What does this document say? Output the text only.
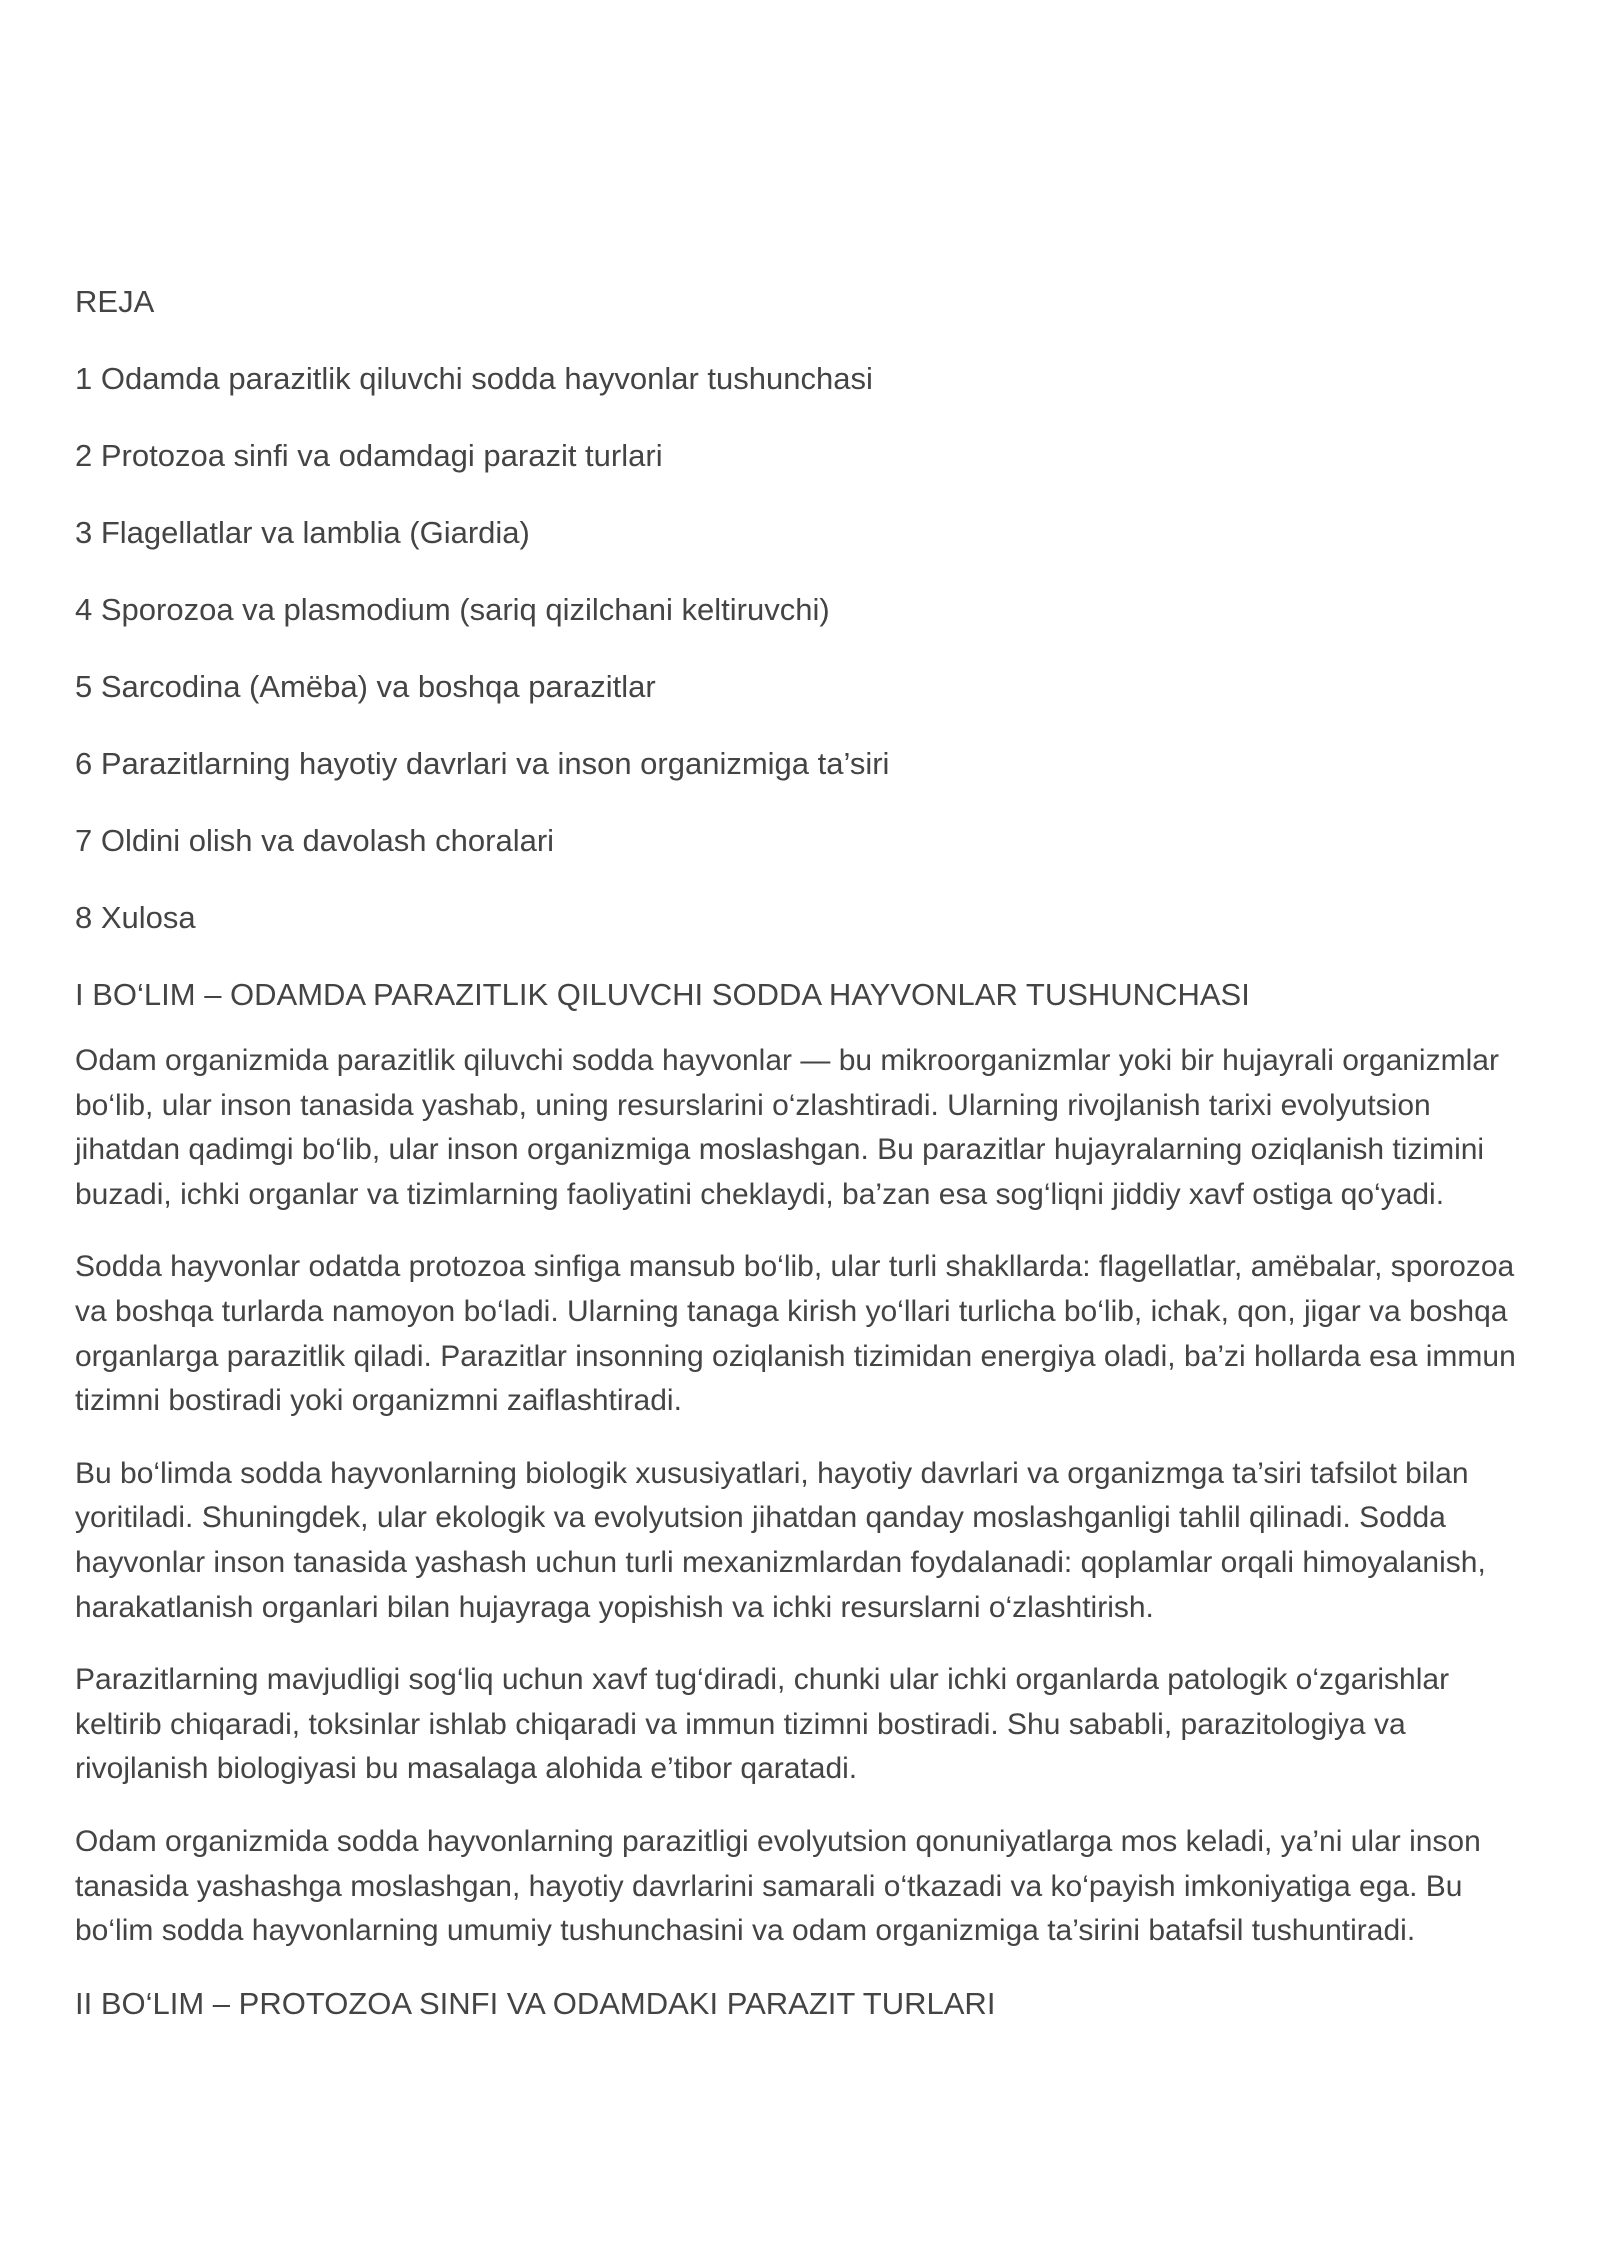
REJA
1 Odamda parazitlik qiluvchi sodda hayvonlar tushunchasi
2 Protozoa sinfi va odamdagi parazit turlari
3 Flagellatlar va lamblia (Giardia)
4 Sporozoa va plasmodium (sariq qizilchani keltiruvchi)
5 Sarcodina (Amëba) va boshqa parazitlar
6 Parazitlarning hayotiy davrlari va inson organizmiga ta’siri
7 Oldini olish va davolash choralari
8 Xulosa
I BO‘LIM – ODAMDA PARAZITLIK QILUVCHI SODDA HAYVONLAR TUSHUNCHASI

Odam organizmida parazitlik qiluvchi sodda hayvonlar — bu mikroorganizmlar yoki bir hujayrali organizmlar bo‘lib, ular inson tanasida yashab, uning resurslarini o‘zlashtiradi. Ularning rivojlanish tarixi evolyutsion jihatdan qadimgi bo‘lib, ular inson organizmiga moslashgan. Bu parazitlar hujayralarning oziqlanish tizimini buzadi, ichki organlar va tizimlarning faoliyatini cheklaydi, ba’zan esa sog‘liqni jiddiy xavf ostiga qo‘yadi.

Sodda hayvonlar odatda protozoa sinfiga mansub bo‘lib, ular turli shakllarda: flagellatlar, amëbalar, sporozoa va boshqa turlarda namoyon bo‘ladi. Ularning tanaga kirish yo‘llari turlicha bo‘lib, ichak, qon, jigar va boshqa organlarga parazitlik qiladi. Parazitlar insonning oziqlanish tizimidan energiya oladi, ba’zi hollarda esa immun tizimni bostiradi yoki organizmni zaiflashtiradi.

Bu bo‘limda sodda hayvonlarning biologik xususiyatlari, hayotiy davrlari va organizmga ta’siri tafsilot bilan yoritiladi. Shuningdek, ular ekologik va evolyutsion jihatdan qanday moslashganligi tahlil qilinadi. Sodda hayvonlar inson tanasida yashash uchun turli mexanizmlardan foydalanadi: qoplamlar orqali himoyalanish, harakatlanish organlari bilan hujayraga yopishish va ichki resurslarni o‘zlashtirish.

Parazitlarning mavjudligi sog‘liq uchun xavf tug‘diradi, chunki ular ichki organlarda patologik o‘zgarishlar keltirib chiqaradi, toksinlar ishlab chiqaradi va immun tizimni bostiradi. Shu sababli, parazitologiya va rivojlanish biologiyasi bu masalaga alohida e’tibor qaratadi.

Odam organizmida sodda hayvonlarning parazitligi evolyutsion qonuniyatlarga mos keladi, ya’ni ular inson tanasida yashashga moslashgan, hayotiy davrlarini samarali o‘tkazadi va ko‘payish imkoniyatiga ega. Bu bo‘lim sodda hayvonlarning umumiy tushunchasini va odam organizmiga ta’sirini batafsil tushuntiradi.

II BO‘LIM – PROTOZOA SINFI VA ODAMDAKI PARAZIT TURLARI
